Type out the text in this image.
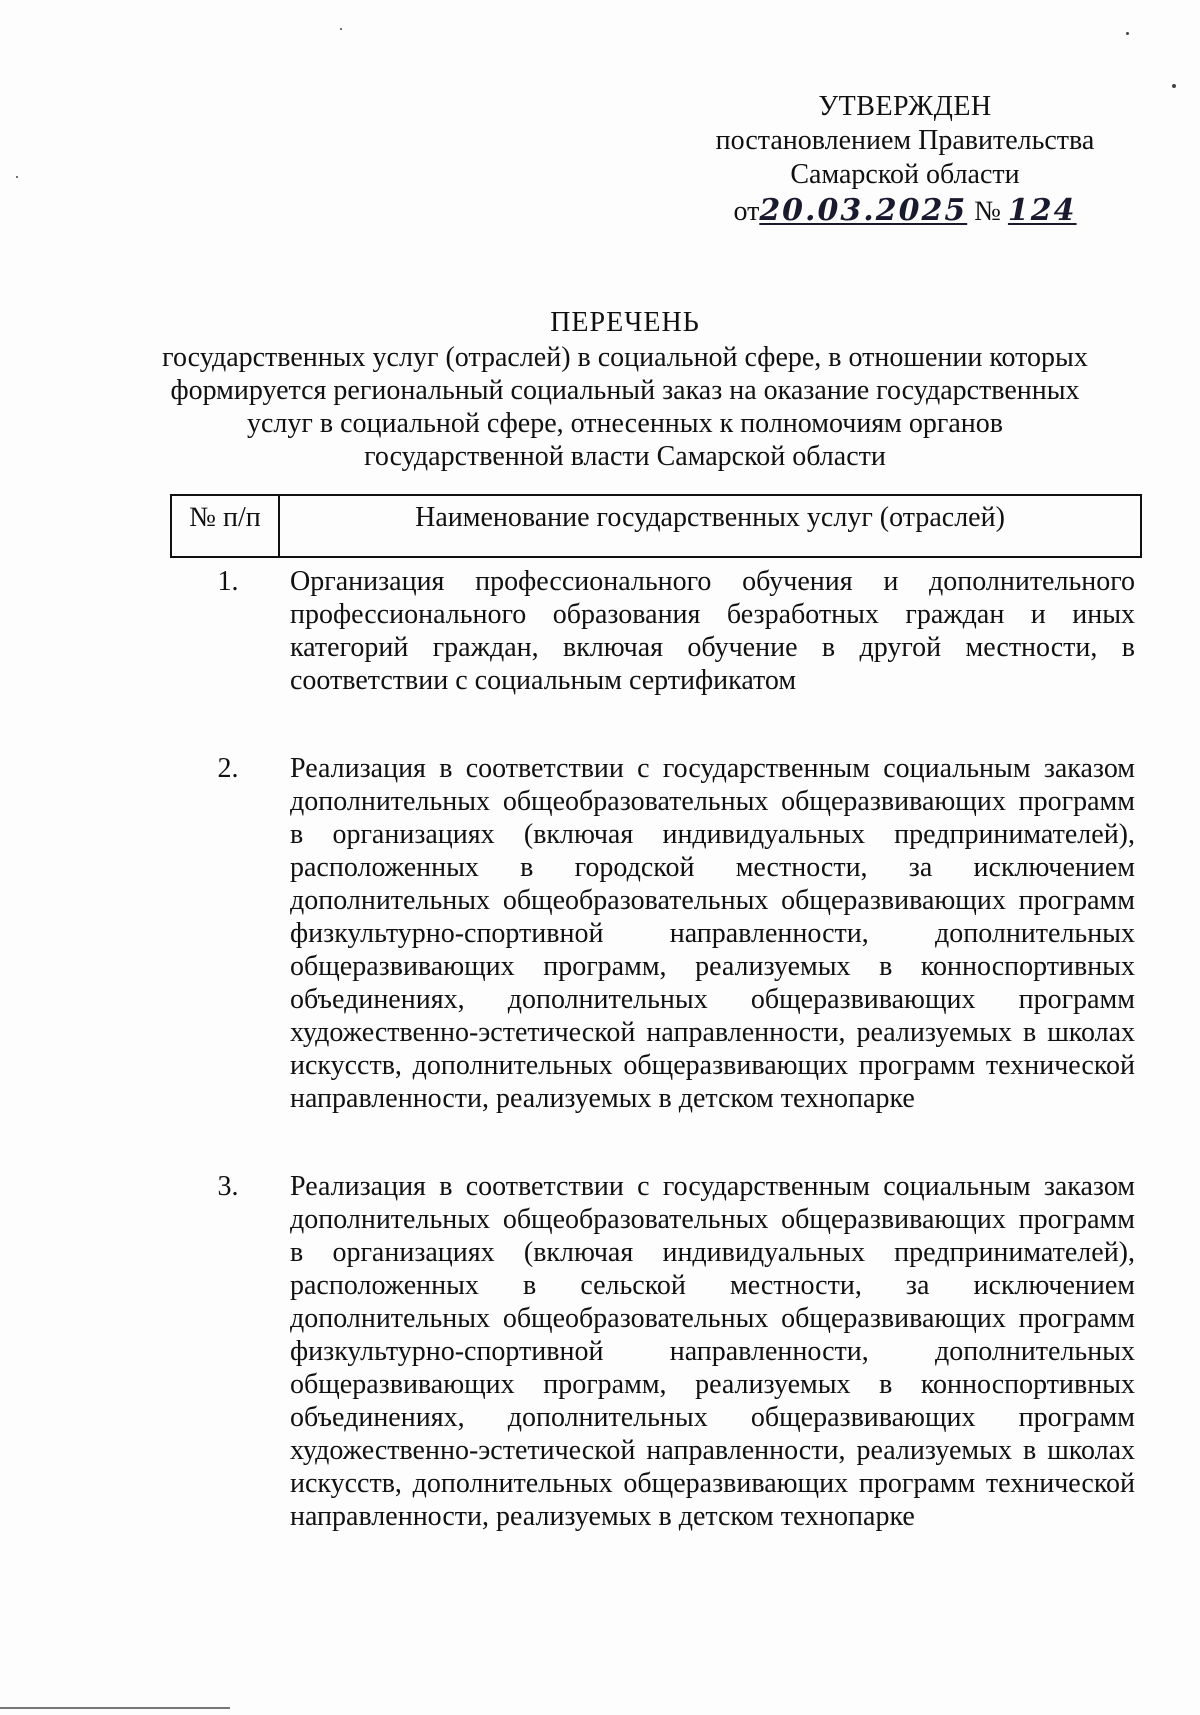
УТВЕРЖДЕН
постановлением Правительства
Самарской области
от20.03.2025 № 124
ПЕРЕЧЕНЬ
государственных услуг (отраслей) в социальной сфере, в отношении которых
формируется региональный социальный заказ на оказание государственных
услуг в социальной сфере, отнесенных к полномочиям органов
государственной власти Самарской области
№ п/п	Наименование государственных услуг (отраслей)
1.	Организация профессионального обучения и дополнительного профессионального образования безработных граждан и иных категорий граждан, включая обучение в другой местности, в соответствии с социальным сертификатом
2.	Реализация в соответствии с государственным социальным заказом дополнительных общеобразовательных общеразвивающих программ в организациях (включая индивидуальных предпринимателей), расположенных в городской местности, за исключением дополнительных общеобразовательных общеразвивающих программ физкультурно-спортивной направленности, дополнительных общеразвивающих программ, реализуемых в конноспортивных объединениях, дополнительных общеразвивающих программ художественно-эстетической направленности, реализуемых в школах искусств, дополнительных общеразвивающих программ технической направленности, реализуемых в детском технопарке
3.	Реализация в соответствии с государственным социальным заказом дополнительных общеобразовательных общеразвивающих программ в организациях (включая индивидуальных предпринимателей), расположенных в сельской местности, за исключением дополнительных общеобразовательных общеразвивающих программ физкультурно-спортивной направленности, дополнительных общеразвивающих программ, реализуемых в конноспортивных объединениях, дополнительных общеразвивающих программ художественно-эстетической направленности, реализуемых в школах искусств, дополнительных общеразвивающих программ технической направленности, реализуемых в детском технопарке
